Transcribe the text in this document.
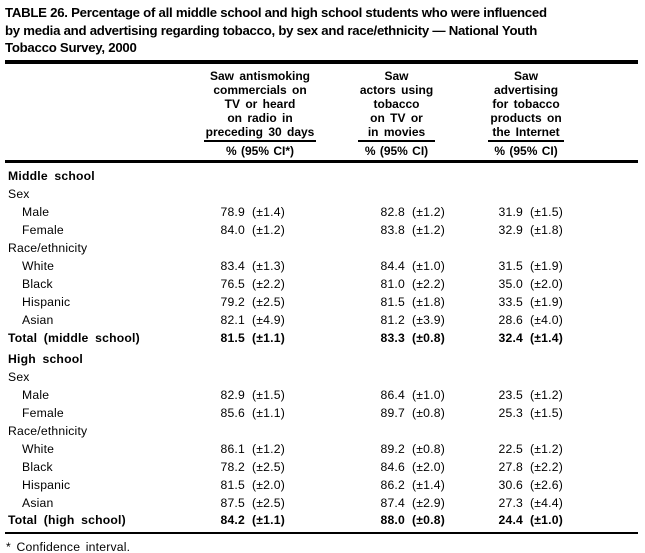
TABLE 26. Percentage of all middle school and high school students who were influenced
by media and advertising regarding tobacco, by sex and race/ethnicity — National Youth
Tobacco Survey, 2000

Saw antismoking
commercials on
TV or heard
on radio in
preceding 30 days
% (95% CI*)

Saw
actors using
tobacco
on TV or
in movies
% (95% CI)

Saw
advertising
for tobacco
products on
the Internet
% (95% CI)

Middle school							
Sex							
Male	78.9	(±1.4)	82.8	(±1.2)	31.9	(±1.5)	
Female	84.0	(±1.2)	83.8	(±1.2)	32.9	(±1.8)	
Race/ethnicity							
White	83.4	(±1.3)	84.4	(±1.0)	31.5	(±1.9)	
Black	76.5	(±2.2)	81.0	(±2.2)	35.0	(±2.0)	
Hispanic	79.2	(±2.5)	81.5	(±1.8)	33.5	(±1.9)	
Asian	82.1	(±4.9)	81.2	(±3.9)	28.6	(±4.0)	
Total (middle school)	81.5	(±1.1)	83.3	(±0.8)	32.4	(±1.4)	
High school							
Sex							
Male	82.9	(±1.5)	86.4	(±1.0)	23.5	(±1.2)	
Female	85.6	(±1.1)	89.7	(±0.8)	25.3	(±1.5)	
Race/ethnicity							
White	86.1	(±1.2)	89.2	(±0.8)	22.5	(±1.2)	
Black	78.2	(±2.5)	84.6	(±2.0)	27.8	(±2.2)	
Hispanic	81.5	(±2.0)	86.2	(±1.4)	30.6	(±2.6)	
Asian	87.5	(±2.5)	87.4	(±2.9)	27.3	(±4.4)	
Total (high school)	84.2	(±1.1)	88.0	(±0.8)	24.4	(±1.0)	
* Confidence interval.
